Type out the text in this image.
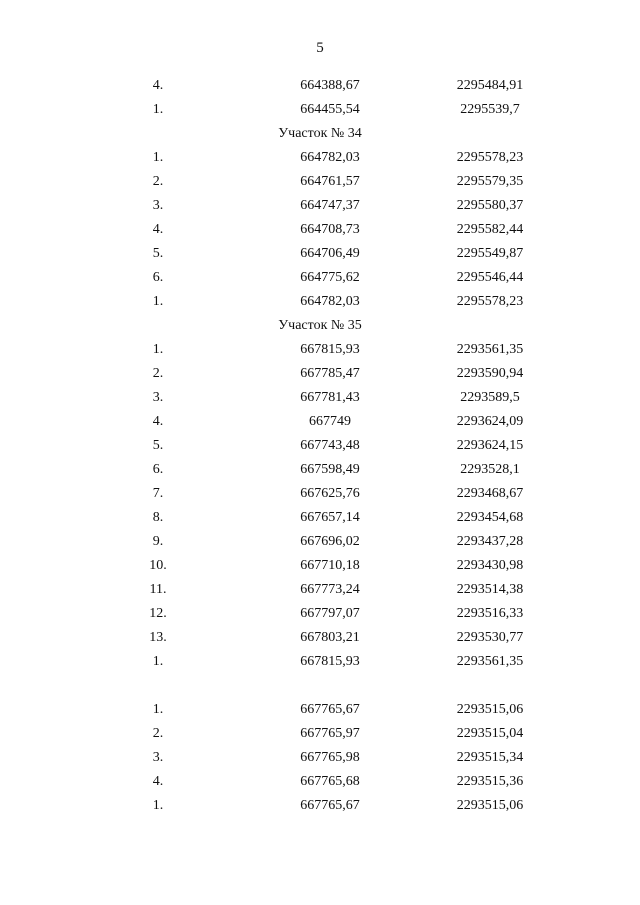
5
4.	664388,67	2295484,91
1.	664455,54	2295539,7
Участок № 34
1.	664782,03	2295578,23
2.	664761,57	2295579,35
3.	664747,37	2295580,37
4.	664708,73	2295582,44
5.	664706,49	2295549,87
6.	664775,62	2295546,44
1.	664782,03	2295578,23
Участок № 35
1.	667815,93	2293561,35
2.	667785,47	2293590,94
3.	667781,43	2293589,5
4.	667749	2293624,09
5.	667743,48	2293624,15
6.	667598,49	2293528,1
7.	667625,76	2293468,67
8.	667657,14	2293454,68
9.	667696,02	2293437,28
10.	667710,18	2293430,98
11.	667773,24	2293514,38
12.	667797,07	2293516,33
13.	667803,21	2293530,77
1.	667815,93	2293561,35
1.	667765,67	2293515,06
2.	667765,97	2293515,04
3.	667765,98	2293515,34
4.	667765,68	2293515,36
1.	667765,67	2293515,06
